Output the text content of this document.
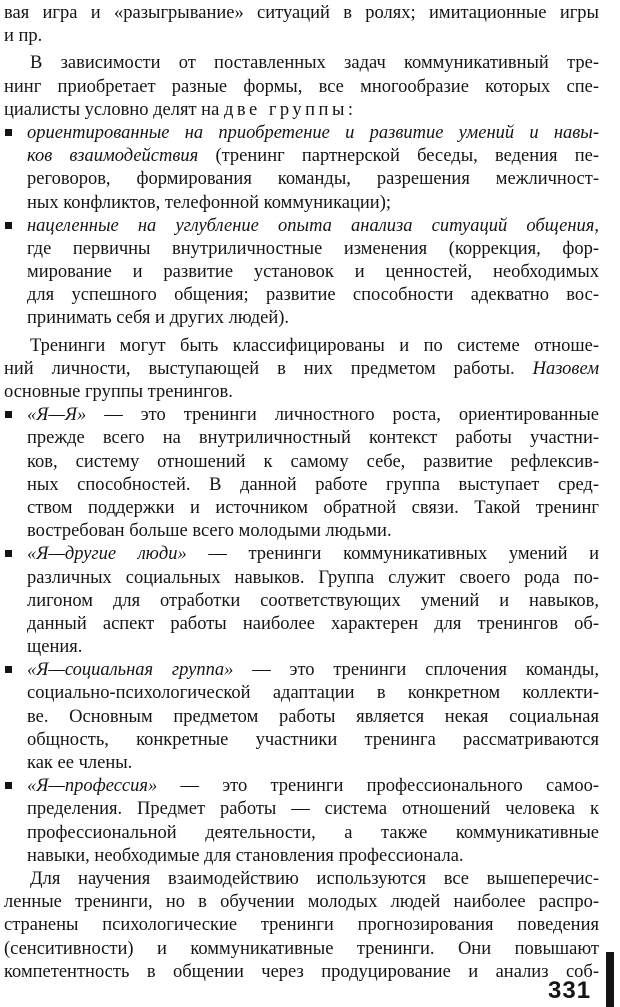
вая игра и «разыгрывание» ситуаций в ролях; имитационные игры
и пр.
В зависимости от поставленных задач коммуникативный тре-
нинг приобретает разные формы, все многообразие которых спе-
циалисты условно делят на две группы:
ориентированные на приобретение и развитие умений и навы-
ков взаимодействия (тренинг партнерской беседы, ведения пе-
реговоров, формирования команды, разрешения межличност-
ных конфликтов, телефонной коммуникации);
нацеленные на углубление опыта анализа ситуаций общения,
где первичны внутриличностные изменения (коррекция, фор-
мирование и развитие установок и ценностей, необходимых
для успешного общения; развитие способности адекватно вос-
принимать себя и других людей).
Тренинги могут быть классифицированы и по системе отноше-
ний личности, выступающей в них предметом работы. Назовем
основные группы тренингов.
«Я—Я» — это тренинги личностного роста, ориентированные
прежде всего на внутриличностный контекст работы участни-
ков, систему отношений к самому себе, развитие рефлексив-
ных способностей. В данной работе группа выступает сред-
ством поддержки и источником обратной связи. Такой тренинг
востребован больше всего молодыми людьми.
«Я—другие люди» — тренинги коммуникативных умений и
различных социальных навыков. Группа служит своего рода по-
лигоном для отработки соответствующих умений и навыков,
данный аспект работы наиболее характерен для тренингов об-
щения.
«Я—социальная группа» — это тренинги сплочения команды,
социально-психологической адаптации в конкретном коллекти-
ве. Основным предметом работы является некая социальная
общность, конкретные участники тренинга рассматриваются
как ее члены.
«Я—профессия» — это тренинги профессионального самоо-
пределения. Предмет работы — система отношений человека к
профессиональной деятельности, а также коммуникативные
навыки, необходимые для становления профессионала.
Для научения взаимодействию используются все вышеперечис-
ленные тренинги, но в обучении молодых людей наиболее распро-
странены психологические тренинги прогнозирования поведения
(сенситивности) и коммуникативные тренинги. Они повышают
компетентность в общении через продуцирование и анализ соб-
331
